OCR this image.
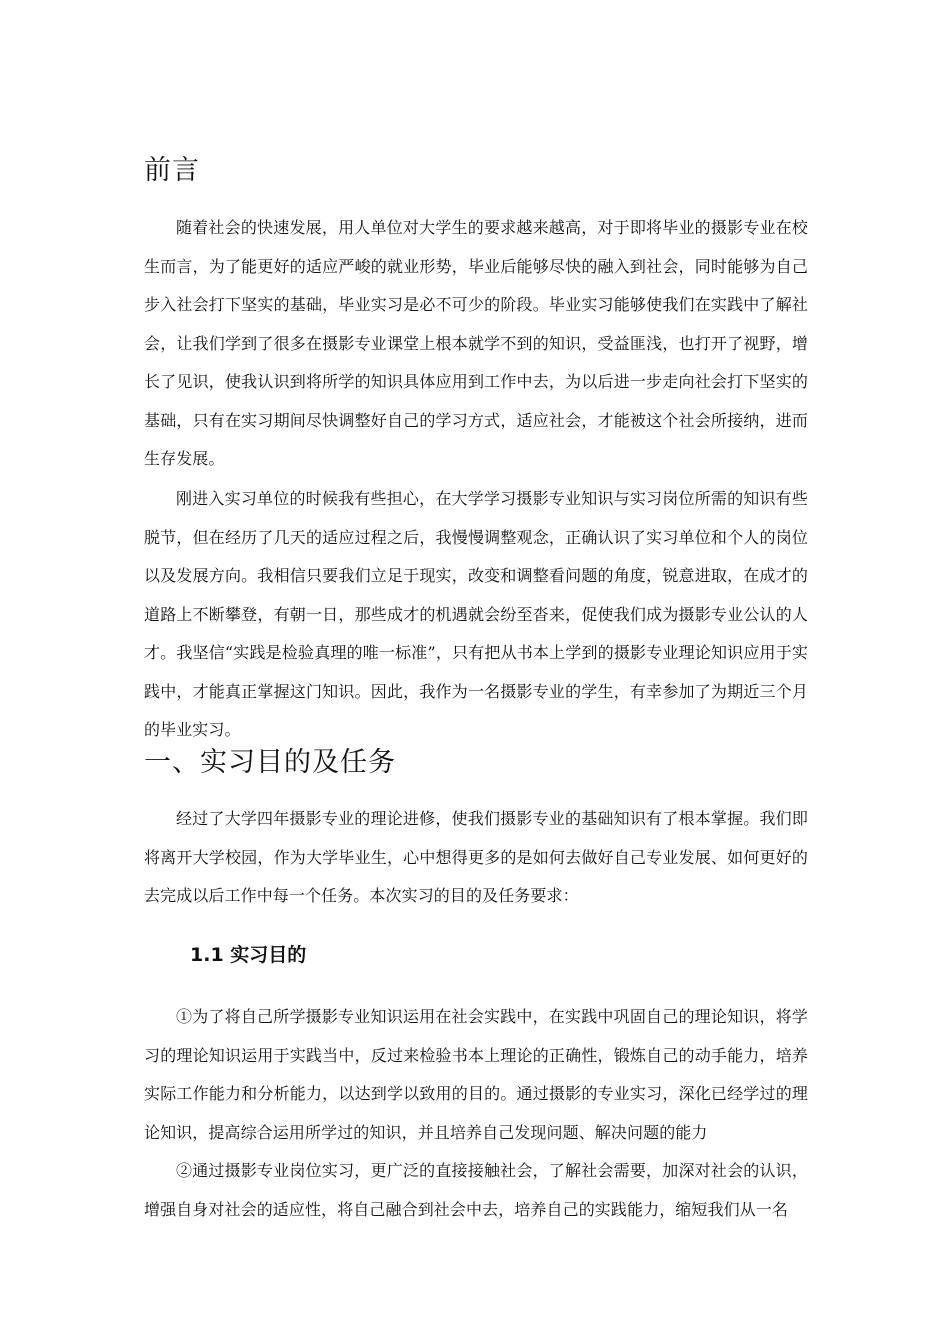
前言

随着社会的快速发展，用人单位对大学生的要求越来越高，对于即将毕业的摄影专业在校生而言，为了能更好的适应严峻的就业形势，毕业后能够尽快的融入到社会，同时能够为自己步入社会打下坚实的基础，毕业实习是必不可少的阶段。毕业实习能够使我们在实践中了解社会，让我们学到了很多在摄影专业课堂上根本就学不到的知识，受益匪浅，也打开了视野，增长了见识，使我认识到将所学的知识具体应用到工作中去，为以后进一步走向社会打下坚实的基础，只有在实习期间尽快调整好自己的学习方式，适应社会，才能被这个社会所接纳，进而生存发展。

刚进入实习单位的时候我有些担心，在大学学习摄影专业知识与实习岗位所需的知识有些脱节，但在经历了几天的适应过程之后，我慢慢调整观念，正确认识了实习单位和个人的岗位以及发展方向。我相信只要我们立足于现实，改变和调整看问题的角度，锐意进取，在成才的道路上不断攀登，有朝一日，那些成才的机遇就会纷至沓来，促使我们成为摄影专业公认的人才。我坚信“实践是检验真理的唯一标准”，只有把从书本上学到的摄影专业理论知识应用于实践中，才能真正掌握这门知识。因此，我作为一名摄影专业的学生，有幸参加了为期近三个月的毕业实习。

一、实习目的及任务

经过了大学四年摄影专业的理论进修，使我们摄影专业的基础知识有了根本掌握。我们即将离开大学校园，作为大学毕业生，心中想得更多的是如何去做好自己专业发展、如何更好的去完成以后工作中每一个任务。本次实习的目的及任务要求：

1.1 实习目的

①为了将自己所学摄影专业知识运用在社会实践中，在实践中巩固自己的理论知识，将学习的理论知识运用于实践当中，反过来检验书本上理论的正确性，锻炼自己的动手能力，培养实际工作能力和分析能力，以达到学以致用的目的。通过摄影的专业实习，深化已经学过的理论知识，提高综合运用所学过的知识，并且培养自己发现问题、解决问题的能力

②通过摄影专业岗位实习，更广泛的直接接触社会，了解社会需要，加深对社会的认识，增强自身对社会的适应性，将自己融合到社会中去，培养自己的实践能力，缩短我们从一名
